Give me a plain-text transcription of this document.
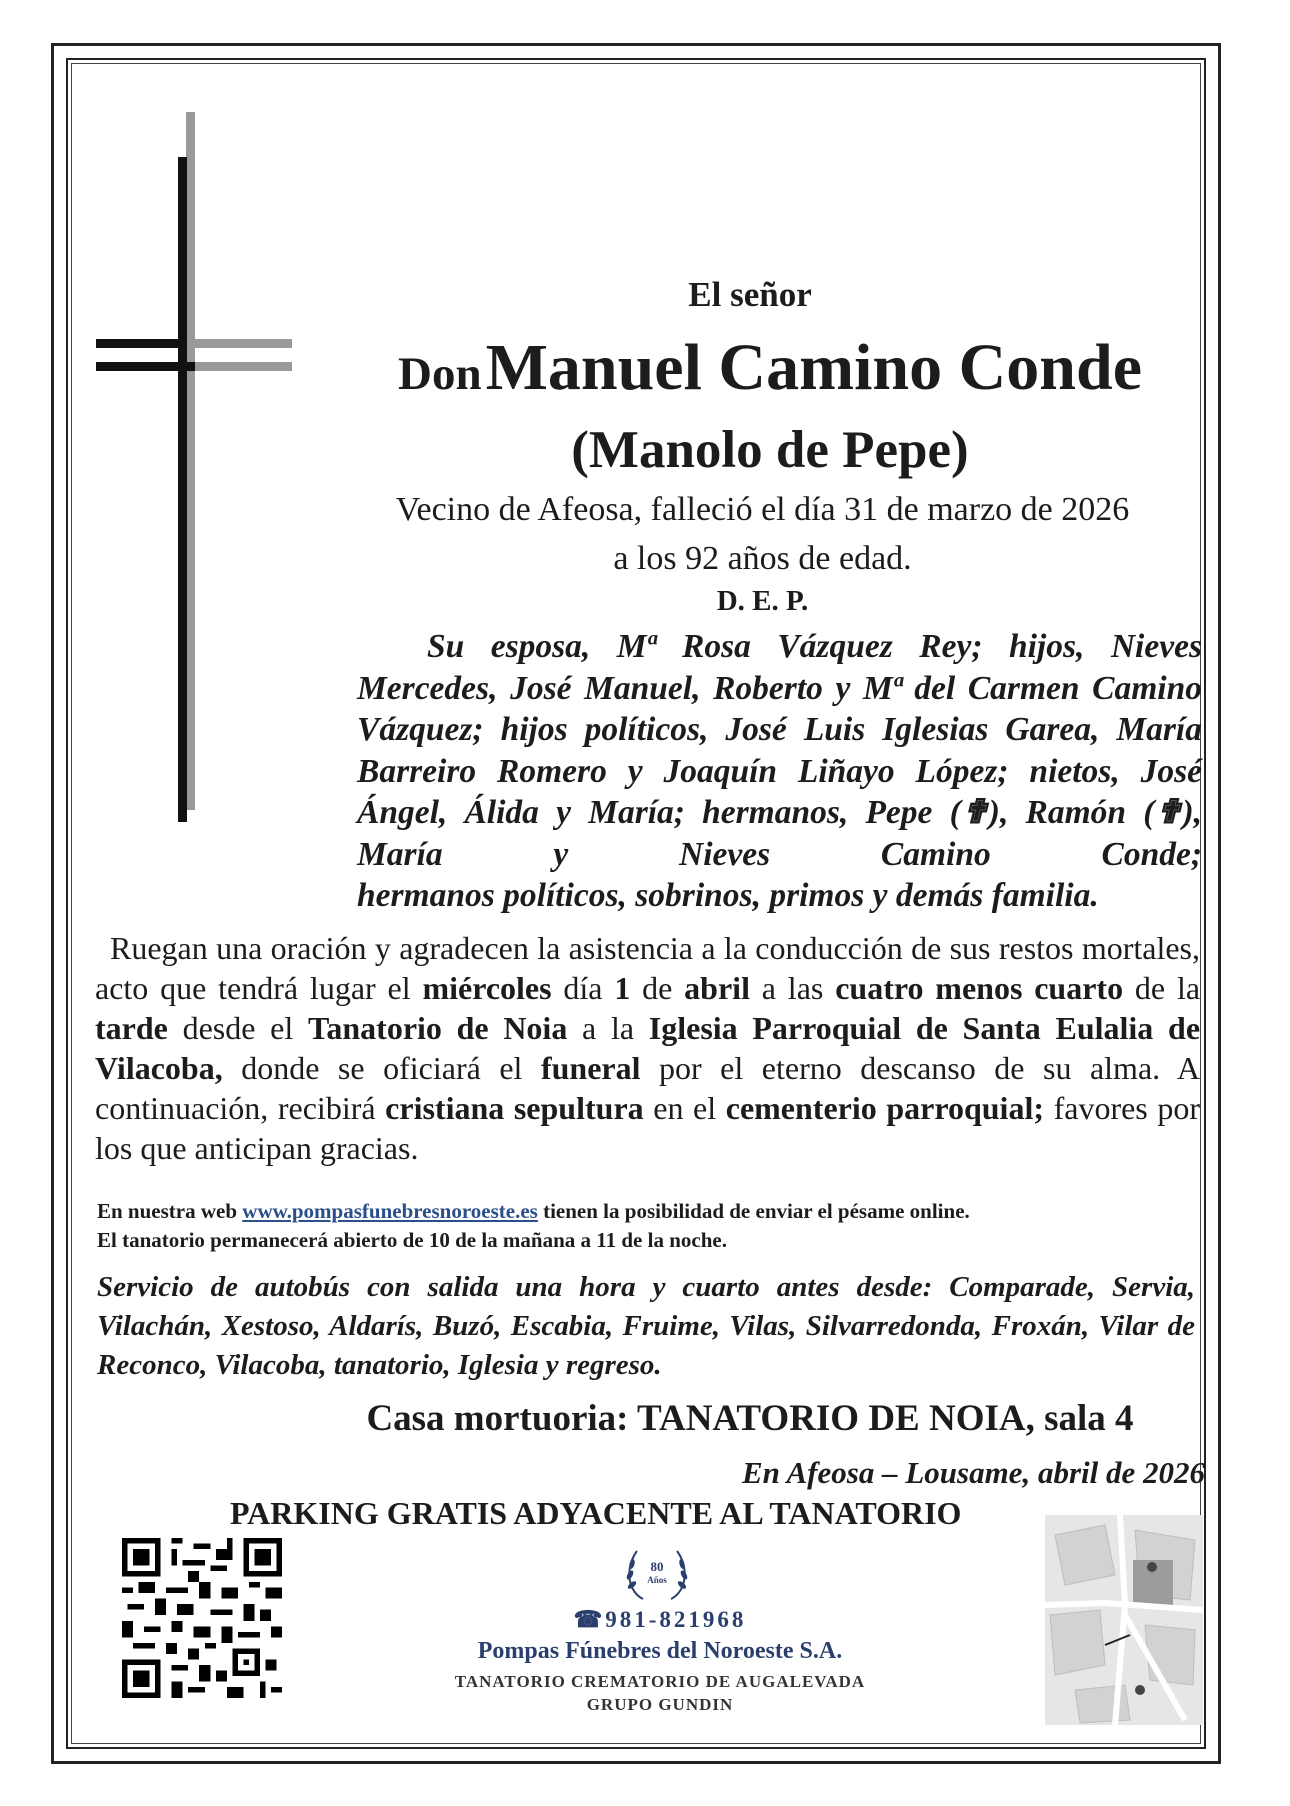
El señor
Don Manuel Camino Conde
(Manolo de Pepe)
Vecino de Afeosa, falleció el día 31 de marzo de 2026
a los 92 años de edad.
D. E. P.

Su esposa, Mª Rosa Vázquez Rey; hijos, Nieves Mercedes, José Manuel, Roberto y Mª del Carmen Camino Vázquez; hijos políticos, José Luis Iglesias Garea, María Barreiro Romero y Joaquín Liñayo López; nietos, José Ángel, Álida y María; hermanos, Pepe (✟), Ramón (✟), María y Nieves Camino Conde;

hermanos políticos, sobrinos, primos y demás familia.

Ruegan una oración y agradecen la asistencia a la conducción de sus restos mortales, acto que tendrá lugar el miércoles día 1 de abril a las cuatro menos cuarto de la tarde desde el Tanatorio de Noia a la Iglesia Parroquial de Santa Eulalia de Vilacoba, donde se oficiará el funeral por el eterno descanso de su alma. A continuación, recibirá cristiana sepultura en el cementerio parroquial; favores por los que anticipan gracias.
En nuestra web www.pompasfunebresnoroeste.es tienen la posibilidad de enviar el pésame online.
El tanatorio permanecerá abierto de 10 de la mañana a 11 de la noche.
Servicio de autobús con salida una hora y cuarto antes desde: Comparade, Servia, Vilachán, Xestoso, Aldarís, Buzó, Escabia, Fruime, Vilas, Silvarredonda, Froxán, Vilar de Reconco, Vilacoba, tanatorio, Iglesia y regreso.
Casa mortuoria: TANATORIO DE NOIA, sala 4
En Afeosa – Lousame, abril de 2026
PARKING GRATIS ADYACENTE AL TANATORIO
80
Años
☎981-821968
Pompas Fúnebres del Noroeste S.A.
TANATORIO CREMATORIO DE AUGALEVADA
GRUPO GUNDIN
